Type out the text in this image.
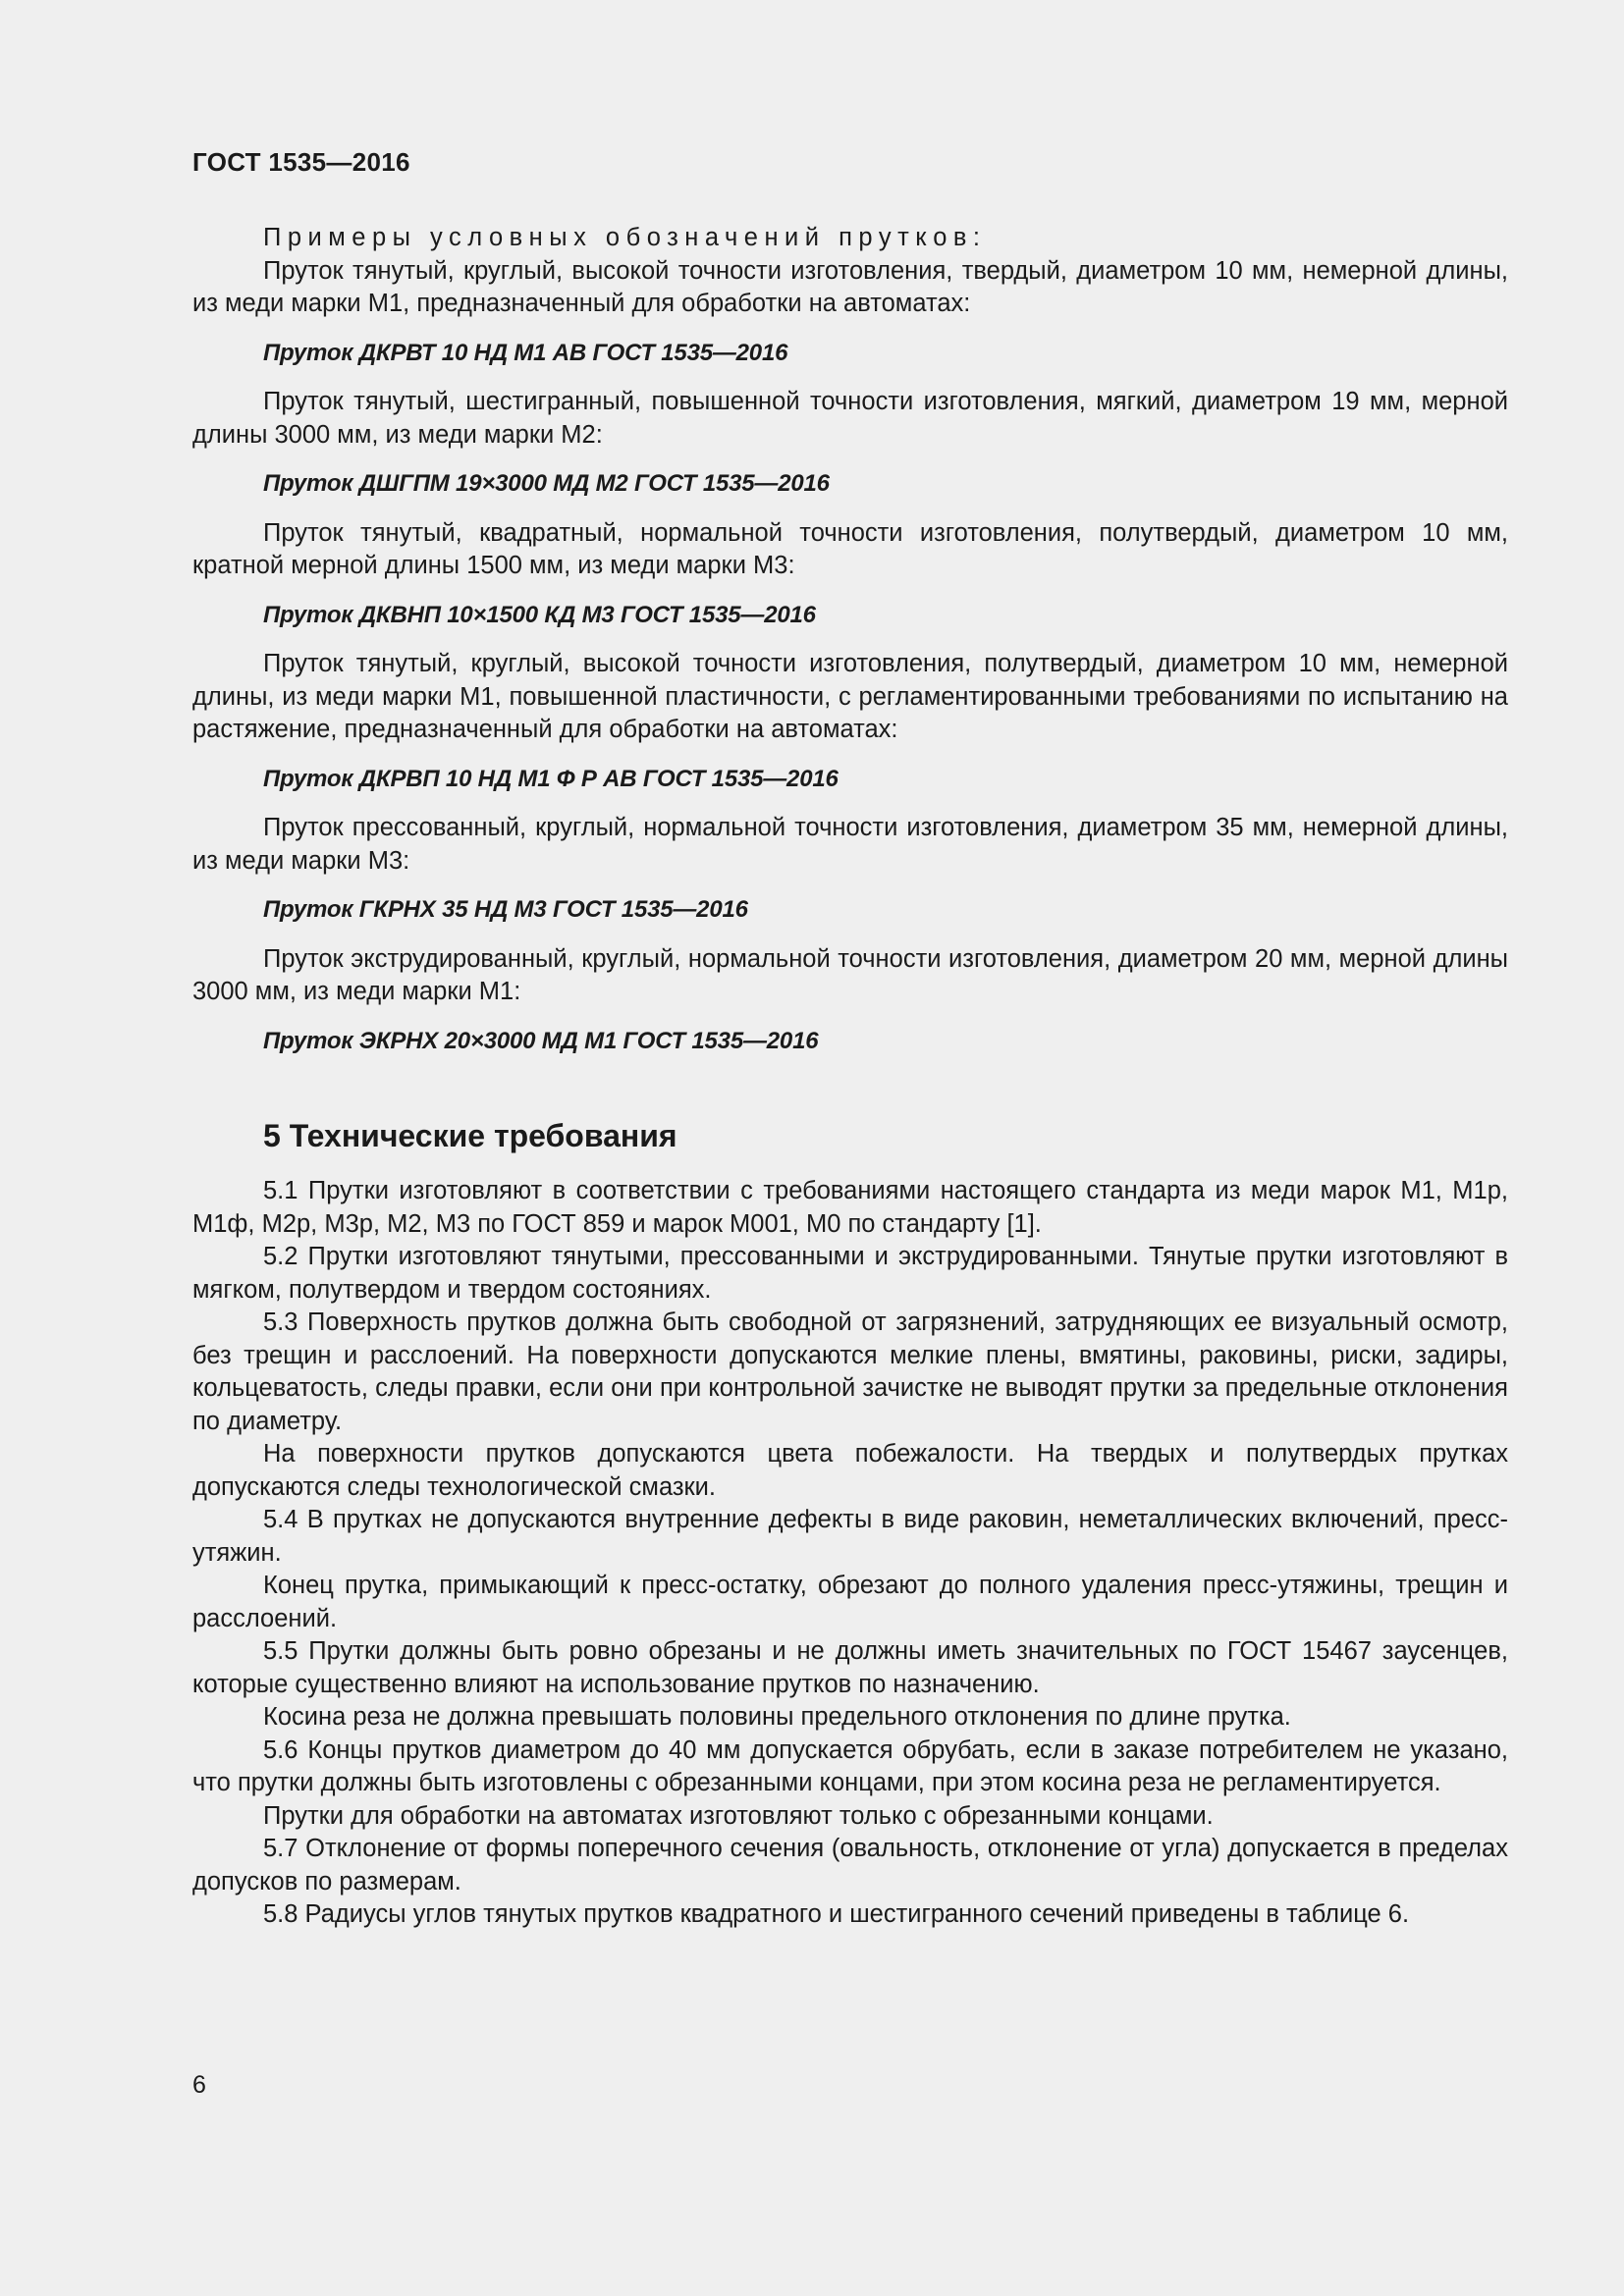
ГОСТ 1535—2016

Примеры условных обозначений прутков:

Пруток тянутый, круглый, высокой точности изготовления, твердый, диаметром 10 мм, немерной длины, из меди марки М1, предназначенный для обработки на автоматах:

Пруток ДКРВТ 10 НД М1 АВ ГОСТ 1535—2016

Пруток тянутый, шестигранный, повышенной точности изготовления, мягкий, диаметром 19 мм, мерной длины 3000 мм, из меди марки М2:

Пруток ДШГПМ 19×3000 МД М2 ГОСТ 1535—2016

Пруток тянутый, квадратный, нормальной точности изготовления, полутвердый, диаметром 10 мм, кратной мерной длины 1500 мм, из меди марки М3:

Пруток ДКВНП 10×1500 КД М3 ГОСТ 1535—2016

Пруток тянутый, круглый, высокой точности изготовления, полутвердый, диаметром 10 мм, немерной длины, из меди марки М1, повышенной пластичности, с регламентированными требованиями по испытанию на растяжение, предназначенный для обработки на автоматах:

Пруток ДКРВП 10 НД М1 Ф Р АВ ГОСТ 1535—2016

Пруток прессованный, круглый, нормальной точности изготовления, диаметром 35 мм, немерной длины, из меди марки М3:

Пруток ГКРНХ 35 НД М3 ГОСТ 1535—2016

Пруток экструдированный, круглый, нормальной точности изготовления, диаметром 20 мм, мерной длины 3000 мм, из меди марки М1:

Пруток ЭКРНХ 20×3000 МД М1 ГОСТ 1535—2016

5 Технические требования

5.1 Прутки изготовляют в соответствии с требованиями настоящего стандарта из меди марок М1, М1р, М1ф, М2р, М3р, М2, М3 по ГОСТ 859 и марок М001, М0 по стандарту [1].

5.2 Прутки изготовляют тянутыми, прессованными и экструдированными. Тянутые прутки изготовляют в мягком, полутвердом и твердом состояниях.

5.3 Поверхность прутков должна быть свободной от загрязнений, затрудняющих ее визуальный осмотр, без трещин и расслоений. На поверхности допускаются мелкие плены, вмятины, раковины, риски, задиры, кольцеватость, следы правки, если они при контрольной зачистке не выводят прутки за предельные отклонения по диаметру.

На поверхности прутков допускаются цвета побежалости. На твердых и полутвердых прутках допускаются следы технологической смазки.

5.4 В прутках не допускаются внутренние дефекты в виде раковин, неметаллических включений, пресс-утяжин.

Конец прутка, примыкающий к пресс-остатку, обрезают до полного удаления пресс-утяжины, трещин и расслоений.

5.5 Прутки должны быть ровно обрезаны и не должны иметь значительных по ГОСТ 15467 заусенцев, которые существенно влияют на использование прутков по назначению.

Косина реза не должна превышать половины предельного отклонения по длине прутка.

5.6 Концы прутков диаметром до 40 мм допускается обрубать, если в заказе потребителем не указано, что прутки должны быть изготовлены с обрезанными концами, при этом косина реза не регламентируется.

Прутки для обработки на автоматах изготовляют только с обрезанными концами.

5.7 Отклонение от формы поперечного сечения (овальность, отклонение от угла) допускается в пределах допусков по размерам.

5.8 Радиусы углов тянутых прутков квадратного и шестигранного сечений приведены в таблице 6.

6
